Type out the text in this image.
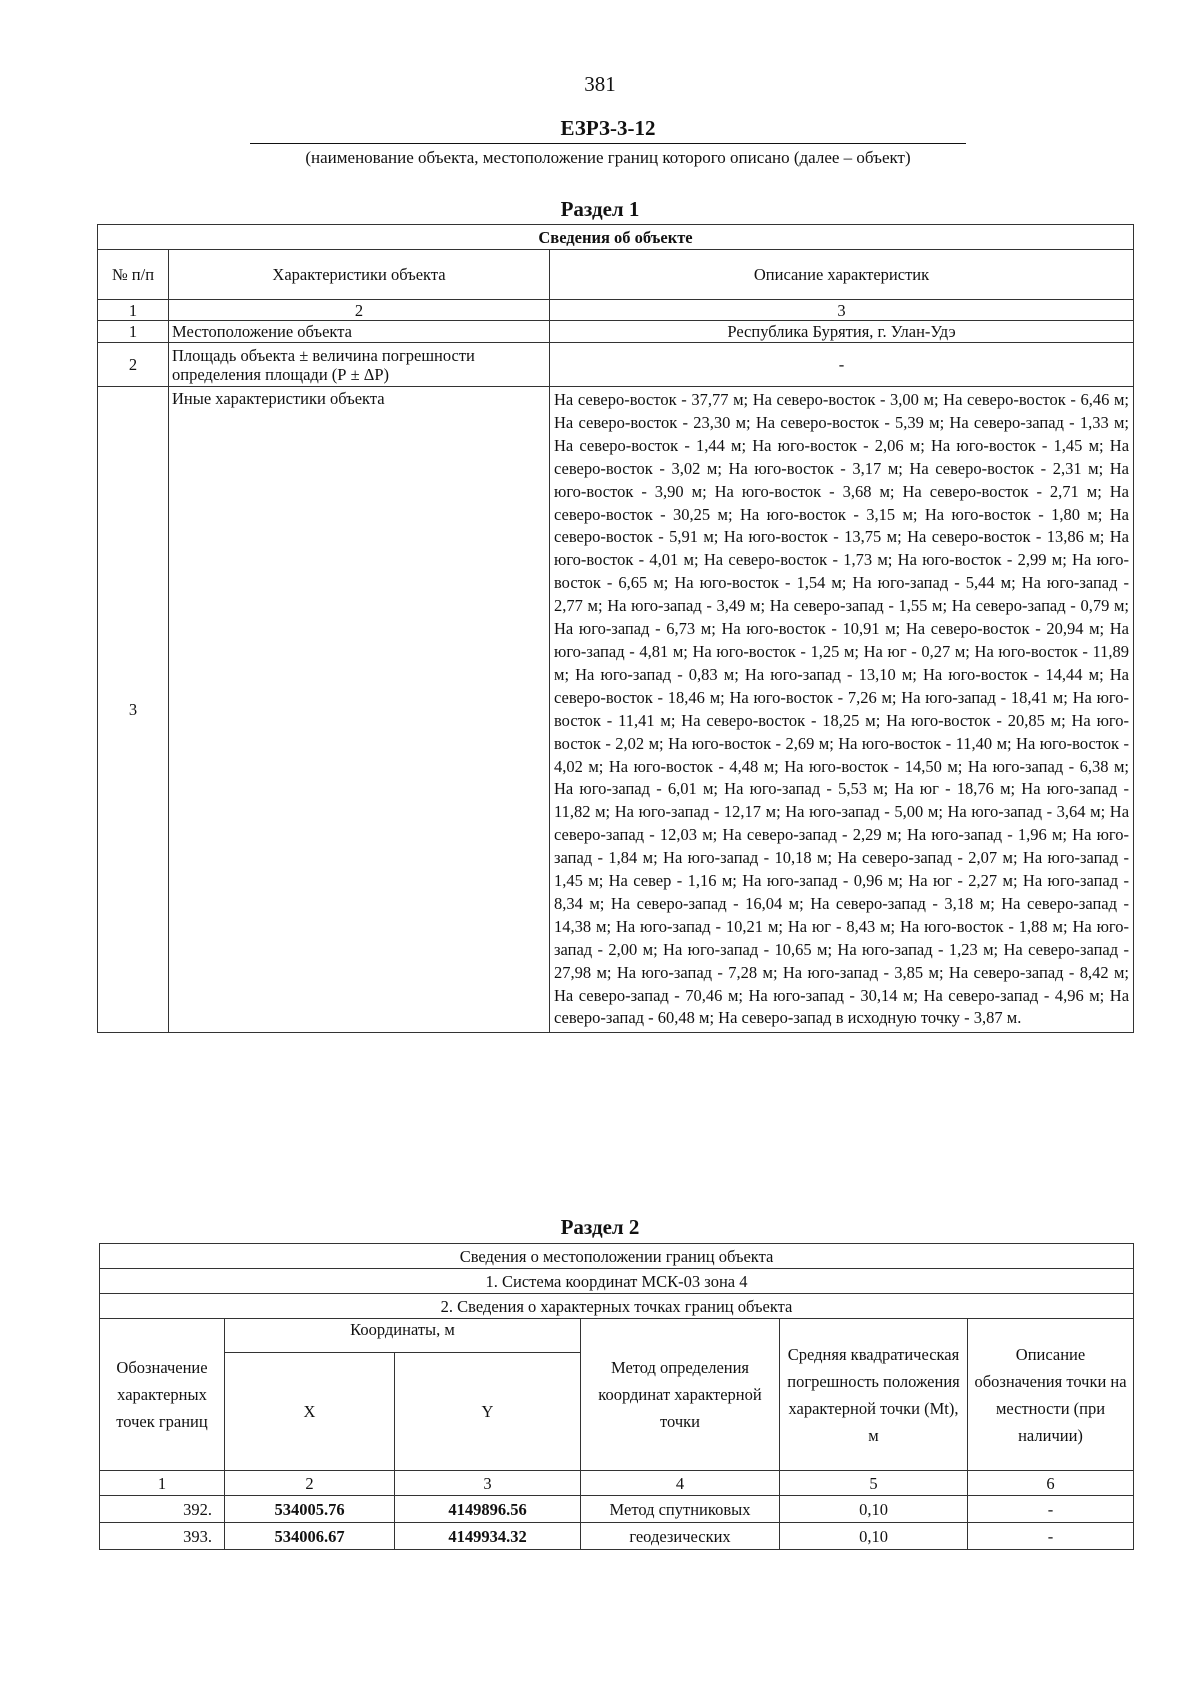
381
ЕЗРЗ-3-12
(наименование объекта, местоположение границ которого описано (далее – объект)
Раздел 1
Сведения об объекте		
№ п/п	Характеристики объекта	Описание характеристик
1	2	3
1	Местоположение объекта	Республика Бурятия, г. Улан-Удэ
2	Площадь объекта ± величина погрешности определения площади (Р ± ΔР)	-
3	Иные характеристики объекта	На северо-восток - 37,77 м; На северо-восток - 3,00 м; На северо-восток - 6,46 м; На северо-восток - 23,30 м; На северо-восток - 5,39 м; На северо-запад - 1,33 м; На северо-восток - 1,44 м; На юго-восток - 2,06 м; На юго-восток - 1,45 м; На северо-восток - 3,02 м; На юго-восток - 3,17 м; На северо-восток - 2,31 м; На юго-восток - 3,90 м; На юго-восток - 3,68 м; На северо-восток - 2,71 м; На северо-восток - 30,25 м; На юго-восток - 3,15 м; На юго-восток - 1,80 м; На северо-восток - 5,91 м; На юго-восток - 13,75 м; На северо-восток - 13,86 м; На юго-восток - 4,01 м; На северо-восток - 1,73 м; На юго-восток - 2,99 м; На юго-восток - 6,65 м; На юго-восток - 1,54 м; На юго-запад - 5,44 м; На юго-запад - 2,77 м; На юго-запад - 3,49 м; На северо-запад - 1,55 м; На северо-запад - 0,79 м; На юго-запад - 6,73 м; На юго-восток - 10,91 м; На северо-восток - 20,94 м; На юго-запад - 4,81 м; На юго-восток - 1,25 м; На юг - 0,27 м; На юго-восток - 11,89 м; На юго-запад - 0,83 м; На юго-запад - 13,10 м; На юго-восток - 14,44 м; На северо-восток - 18,46 м; На юго-восток - 7,26 м; На юго-запад - 18,41 м; На юго-восток - 11,41 м; На северо-восток - 18,25 м; На юго-восток - 20,85 м; На юго-восток - 2,02 м; На юго-восток - 2,69 м; На юго-восток - 11,40 м; На юго-восток - 4,02 м; На юго-восток - 4,48 м; На юго-восток - 14,50 м; На юго-запад - 6,38 м; На юго-запад - 6,01 м; На юго-запад - 5,53 м; На юг - 18,76 м; На юго-запад - 11,82 м; На юго-запад - 12,17 м; На юго-запад - 5,00 м; На юго-запад - 3,64 м; На северо-запад - 12,03 м; На северо-запад - 2,29 м; На юго-запад - 1,96 м; На юго-запад - 1,84 м; На юго-запад - 10,18 м; На северо-запад - 2,07 м; На юго-запад - 1,45 м; На север - 1,16 м; На юго-запад - 0,96 м; На юг - 2,27 м; На юго-запад - 8,34 м; На северо-запад - 16,04 м; На северо-запад - 3,18 м; На северо-запад - 14,38 м; На юго-запад - 10,21 м; На юг - 8,43 м; На юго-восток - 1,88 м; На юго-запад - 2,00 м; На юго-запад - 10,65 м; На юго-запад - 1,23 м; На северо-запад - 27,98 м; На юго-запад - 7,28 м; На юго-запад - 3,85 м; На северо-запад - 8,42 м; На северо-запад - 70,46 м; На юго-запад - 30,14 м; На северо-запад - 4,96 м; На северо-запад - 60,48 м; На северо-запад в исходную точку - 3,87 м.
Раздел 2
Сведения о местоположении границ объекта					
1. Система координат МСК-03 зона 4					
2. Сведения о характерных точках границ объекта					
Обозначение характерных точек границ	Координаты, м		Метод определения координат характерной точки	Средняя квадратическая погрешность положения характерной точки (Mt), м	Описание обозначения точки на местности (при наличии)
	X	Y			
1	2	3	4	5	6
392.	534005.76	4149896.56	Метод спутниковых	0,10	-
393.	534006.67	4149934.32	геодезических	0,10	-
